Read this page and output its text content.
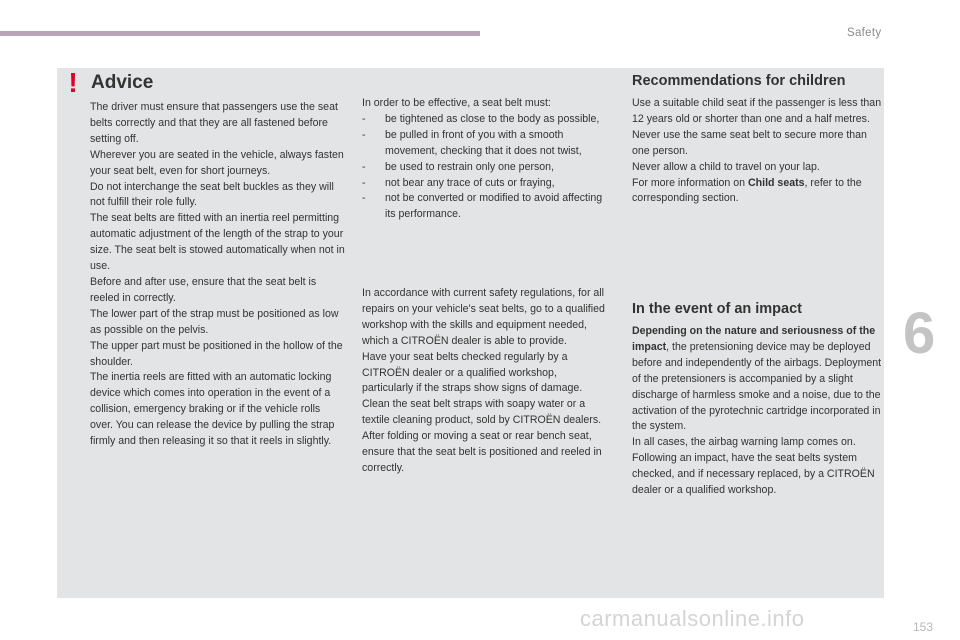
Safety
! Advice

The driver must ensure that passengers use the seat belts correctly and that they are all fastened before setting off.

Wherever you are seated in the vehicle, always fasten your seat belt, even for short journeys.

Do not interchange the seat belt buckles as they will not fulfill their role fully.

The seat belts are fitted with an inertia reel permitting automatic adjustment of the length of the strap to your size. The seat belt is stowed automatically when not in use.

Before and after use, ensure that the seat belt is reeled in correctly.

The lower part of the strap must be positioned as low as possible on the pelvis.

The upper part must be positioned in the hollow of the shoulder.

The inertia reels are fitted with an automatic locking device which comes into operation in the event of a collision, emergency braking or if the vehicle rolls over. You can release the device by pulling the strap firmly and then releasing it so that it reels in slightly.

In order to be effective, a seat belt must:

-	be tightened as close to the body as possible,
-	be pulled in front of you with a smooth movement, checking that it does not twist,
-	be used to restrain only one person,
-	not bear any trace of cuts or fraying,
-	not be converted or modified to avoid affecting its performance.

In accordance with current safety regulations, for all repairs on your vehicle's seat belts, go to a qualified workshop with the skills and equipment needed, which a CITROËN dealer is able to provide.

Have your seat belts checked regularly by a CITROËN dealer or a qualified workshop, particularly if the straps show signs of damage.

Clean the seat belt straps with soapy water or a textile cleaning product, sold by CITROËN dealers.

After folding or moving a seat or rear bench seat, ensure that the seat belt is positioned and reeled in correctly.

Recommendations for children

Use a suitable child seat if the passenger is less than 12 years old or shorter than one and a half metres.

Never use the same seat belt to secure more than one person.

Never allow a child to travel on your lap.

For more information on Child seats, refer to the corresponding section.

In the event of an impact

Depending on the nature and seriousness of the impact, the pretensioning device may be deployed before and independently of the airbags. Deployment of the pretensioners is accompanied by a slight discharge of harmless smoke and a noise, due to the activation of the pyrotechnic cartridge incorporated in the system.

In all cases, the airbag warning lamp comes on.

Following an impact, have the seat belts system checked, and if necessary replaced, by a CITROËN dealer or a qualified workshop.

6
carmanualsonline.info	153
